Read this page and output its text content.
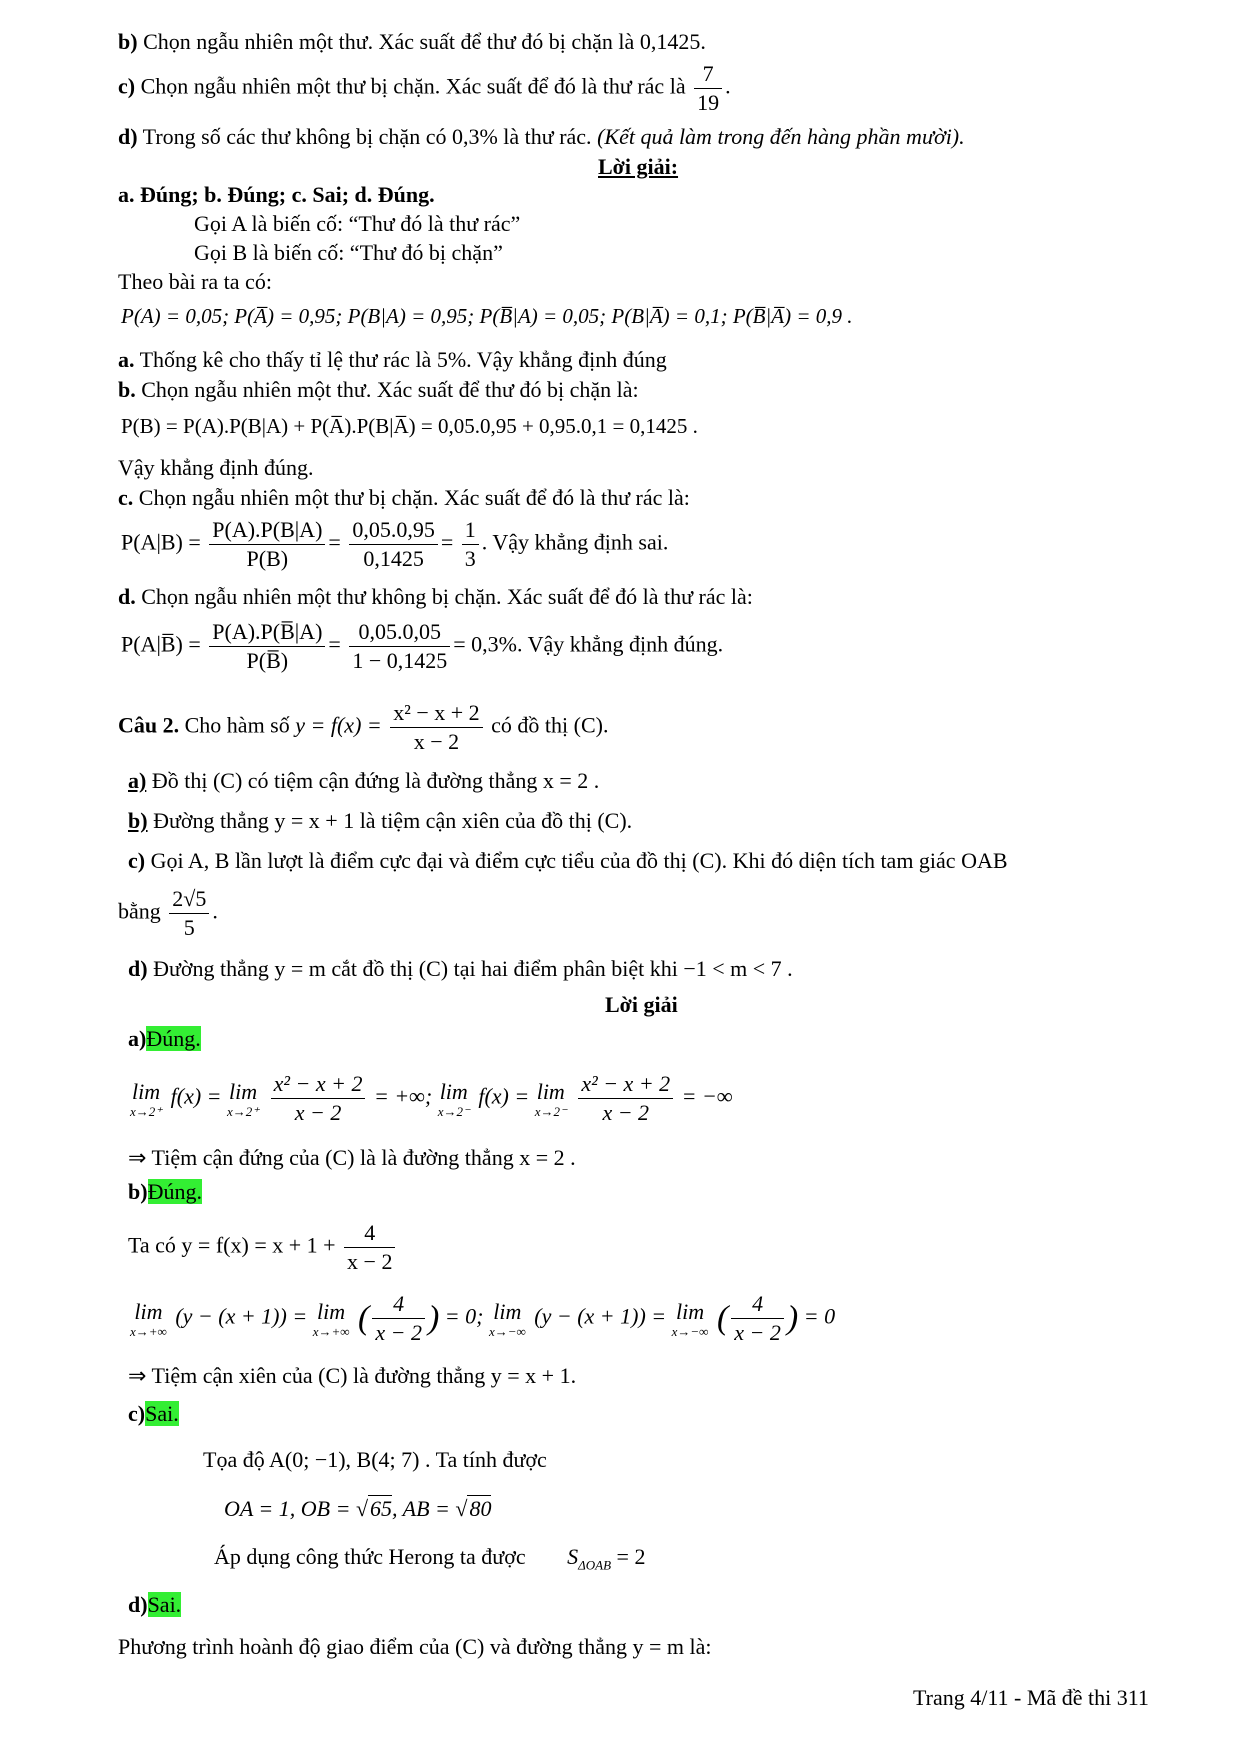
b) Chọn ngẫu nhiên một thư. Xác suất để thư đó bị chặn là 0,1425.
c) Chọn ngẫu nhiên một thư bị chặn. Xác suất để đó là thư rác là $\frac{7}{19}$ .
d) Trong số các thư không bị chặn có 0,3% là thư rác. (Kết quả làm trong đến hàng phần mười).
Lời giải:
a. Đúng; b. Đúng; c. Sai; d. Đúng.
Gọi A là biến cố: “Thư đó là thư rác”
Gọi B là biến cố: “Thư đó bị chặn”
Theo bài ra ta có:
P(A) = 0,05; P(A̅) = 0,95; P(B|A) = 0,95; P(B̅|A) = 0,05; P(B|A̅) = 0,1; P(B̅|A̅) = 0,9 .
a. Thống kê cho thấy tỉ lệ thư rác là 5%. Vậy khẳng định đúng
b. Chọn ngẫu nhiên một thư. Xác suất để thư đó bị chặn là:
P(B) = P(A).P(B|A) + P(A̅).P(B|A̅) = 0,05.0,95 + 0,95.0,1 = 0,1425 .
Vậy khẳng định đúng.
c. Chọn ngẫu nhiên một thư bị chặn. Xác suất để đó là thư rác là:
$P(A|B) = \frac{P(A).P(B|A)}{P(B)} = \frac{0,05.0,95}{0,1425} = \frac{1}{3}$ . Vậy khẳng định sai.
d. Chọn ngẫu nhiên một thư không bị chặn. Xác suất để đó là thư rác là:
P(A|B̅) = $\frac{P(A).P(B̅|A)}{P(B̅)} = \frac{0,05.0,05}{1 - 0,1425} = 0,3\%$. Vậy khẳng định đúng.
Câu 2. Cho hàm số $y = f(x) = \frac{\text{x² − x + 2}}{x - 2}$ có đồ thị (C).
a) Đồ thị (C) có tiệm cận đứng là đường thẳng x = 2 .
b) Đường thẳng y = x + 1 là tiệm cận xiên của đồ thị (C).
c) Gọi A, B lần lượt là điểm cực đại và điểm cực tiểu của đồ thị (C). Khi đó diện tích tam giác OAB
bằng $\frac{2√5}{5}$ .
d) Đường thẳng y = m cắt đồ thị (C) tại hai điểm phân biệt khi −1 < m < 7 .
Lời giải
a)Đúng.
lim
x→2⁺
f(x) = lim
x→2⁺
$\frac{\text{x² − x + 2}}{x - 2}$ = +∞; lim
x→2⁻
f(x) = lim
x→2⁻
$\frac{\text{x² − x + 2}}{x - 2}$ = −∞
⇒ Tiệm cận đứng của (C) là là đường thẳng x = 2 .
b)Đúng.
Ta có $y = f(x) = x + 1 + \frac{4}{x - 2}$
lim
x→+∞
(y − (x + 1)) = lim
x→+∞ ( $\frac{4}{x - 2}$ ) = 0; lim
x→−∞
(y − (x + 1)) = lim
x→−∞ ( $\frac{4}{x - 2}$ ) = 0
⇒ Tiệm cận xiên của (C) là đường thẳng y = x + 1.
c)Sai.
Tọa độ A(0; −1), B(4; 7) . Ta tính được
OA = 1, OB = √65, AB = √80
Áp dụng công thức Herong ta được $S_{\Delta OAB} = 2$
d)Sai.
Phương trình hoành độ giao điểm của (C) và đường thẳng y = m là:
Trang 4/11 - Mã đề thi 311
